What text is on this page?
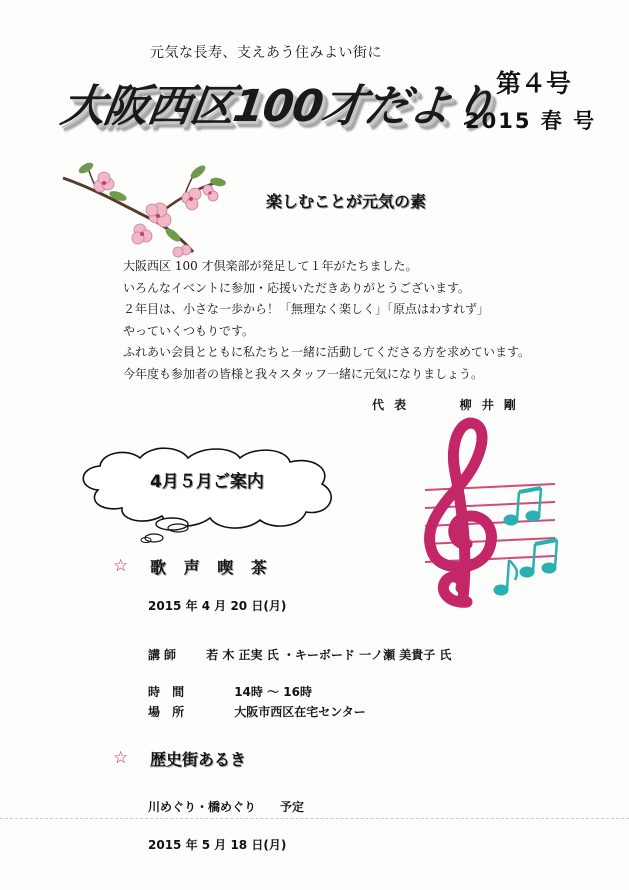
元気な長寿、支えあう住みよい街に
大阪西区100才だより
第４号
2015 春 号
楽しむことが元気の素
大阪西区 100 才倶楽部が発足して１年がたちました。
いろんなイベントに参加・応援いただきありがとうございます。
２年目は、小さな一歩から！「無理なく楽しく」「原点はわすれず」
やっていくつもりです。
ふれあい会員とともに私たちと一緒に活動してくださる方を求めています。
今年度も参加者の皆様と我々スタッフ一緒に元気になりましょう。
代 表	柳 井 剛
4月５月ご案内
☆ 歌 声 喫 茶
2015 年 4 月 20 日(月)
講師 若 木 正実 氏 ・キーボード 一ノ瀬 美貴子 氏
時 間	14時 ～ 16時
場 所	大阪市西区在宅センター
☆ 歴史街あるき
川めぐり・橋めぐり　　予定
2015 年 5 月 18 日(月)
